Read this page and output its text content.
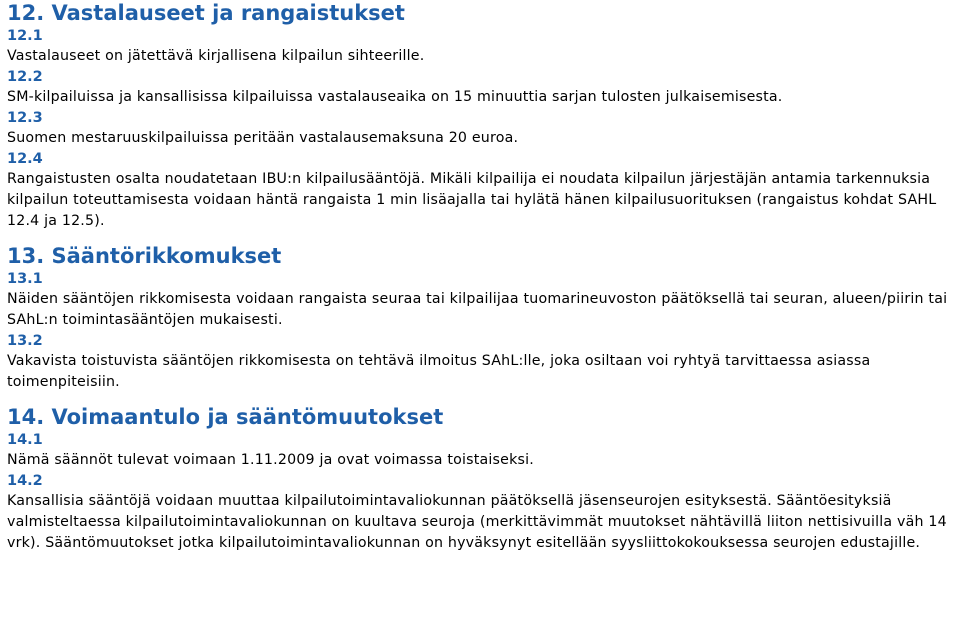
12. Vastalauseet ja rangaistukset
12.1

Vastalauseet on jätettävä kirjallisena kilpailun sihteerille.

12.2

SM-kilpailuissa ja kansallisissa kilpailuissa vastalauseaika on 15 minuuttia sarjan tulosten julkaisemisesta.

12.3

Suomen mestaruuskilpailuissa peritään vastalausemaksuna 20 euroa.

12.4

Rangaistusten osalta noudatetaan IBU:n kilpailusääntöjä. Mikäli kilpailija ei noudata kilpailun järjestäjän antamia tarkennuksia kilpailun toteuttamisesta voidaan häntä rangaista 1 min lisäajalla tai hylätä hänen kilpailusuorituksen (rangaistus kohdat SAHL 12.4 ja 12.5).

13. Sääntörikkomukset
13.1

Näiden sääntöjen rikkomisesta voidaan rangaista seuraa tai kilpailijaa tuomarineuvoston päätöksellä tai seuran, alueen/piirin tai SAhL:n toimintasääntöjen mukaisesti.

13.2

Vakavista toistuvista sääntöjen rikkomisesta on tehtävä ilmoitus SAhL:lle, joka osiltaan voi ryhtyä tarvittaessa asiassa toimenpiteisiin.

14. Voimaantulo ja sääntömuutokset
14.1

Nämä säännöt tulevat voimaan 1.11.2009 ja ovat voimassa toistaiseksi.

14.2

Kansallisia sääntöjä voidaan muuttaa kilpailutoimintavaliokunnan päätöksellä jäsenseurojen esityksestä. Sääntöesityksiä valmisteltaessa kilpailutoimintavaliokunnan on kuultava seuroja (merkittävimmät muutokset nähtävillä liiton nettisivuilla väh 14 vrk). Sääntömuutokset jotka kilpailutoimintavaliokunnan on hyväksynyt esitellään syysliittokokouksessa seurojen edustajille.
